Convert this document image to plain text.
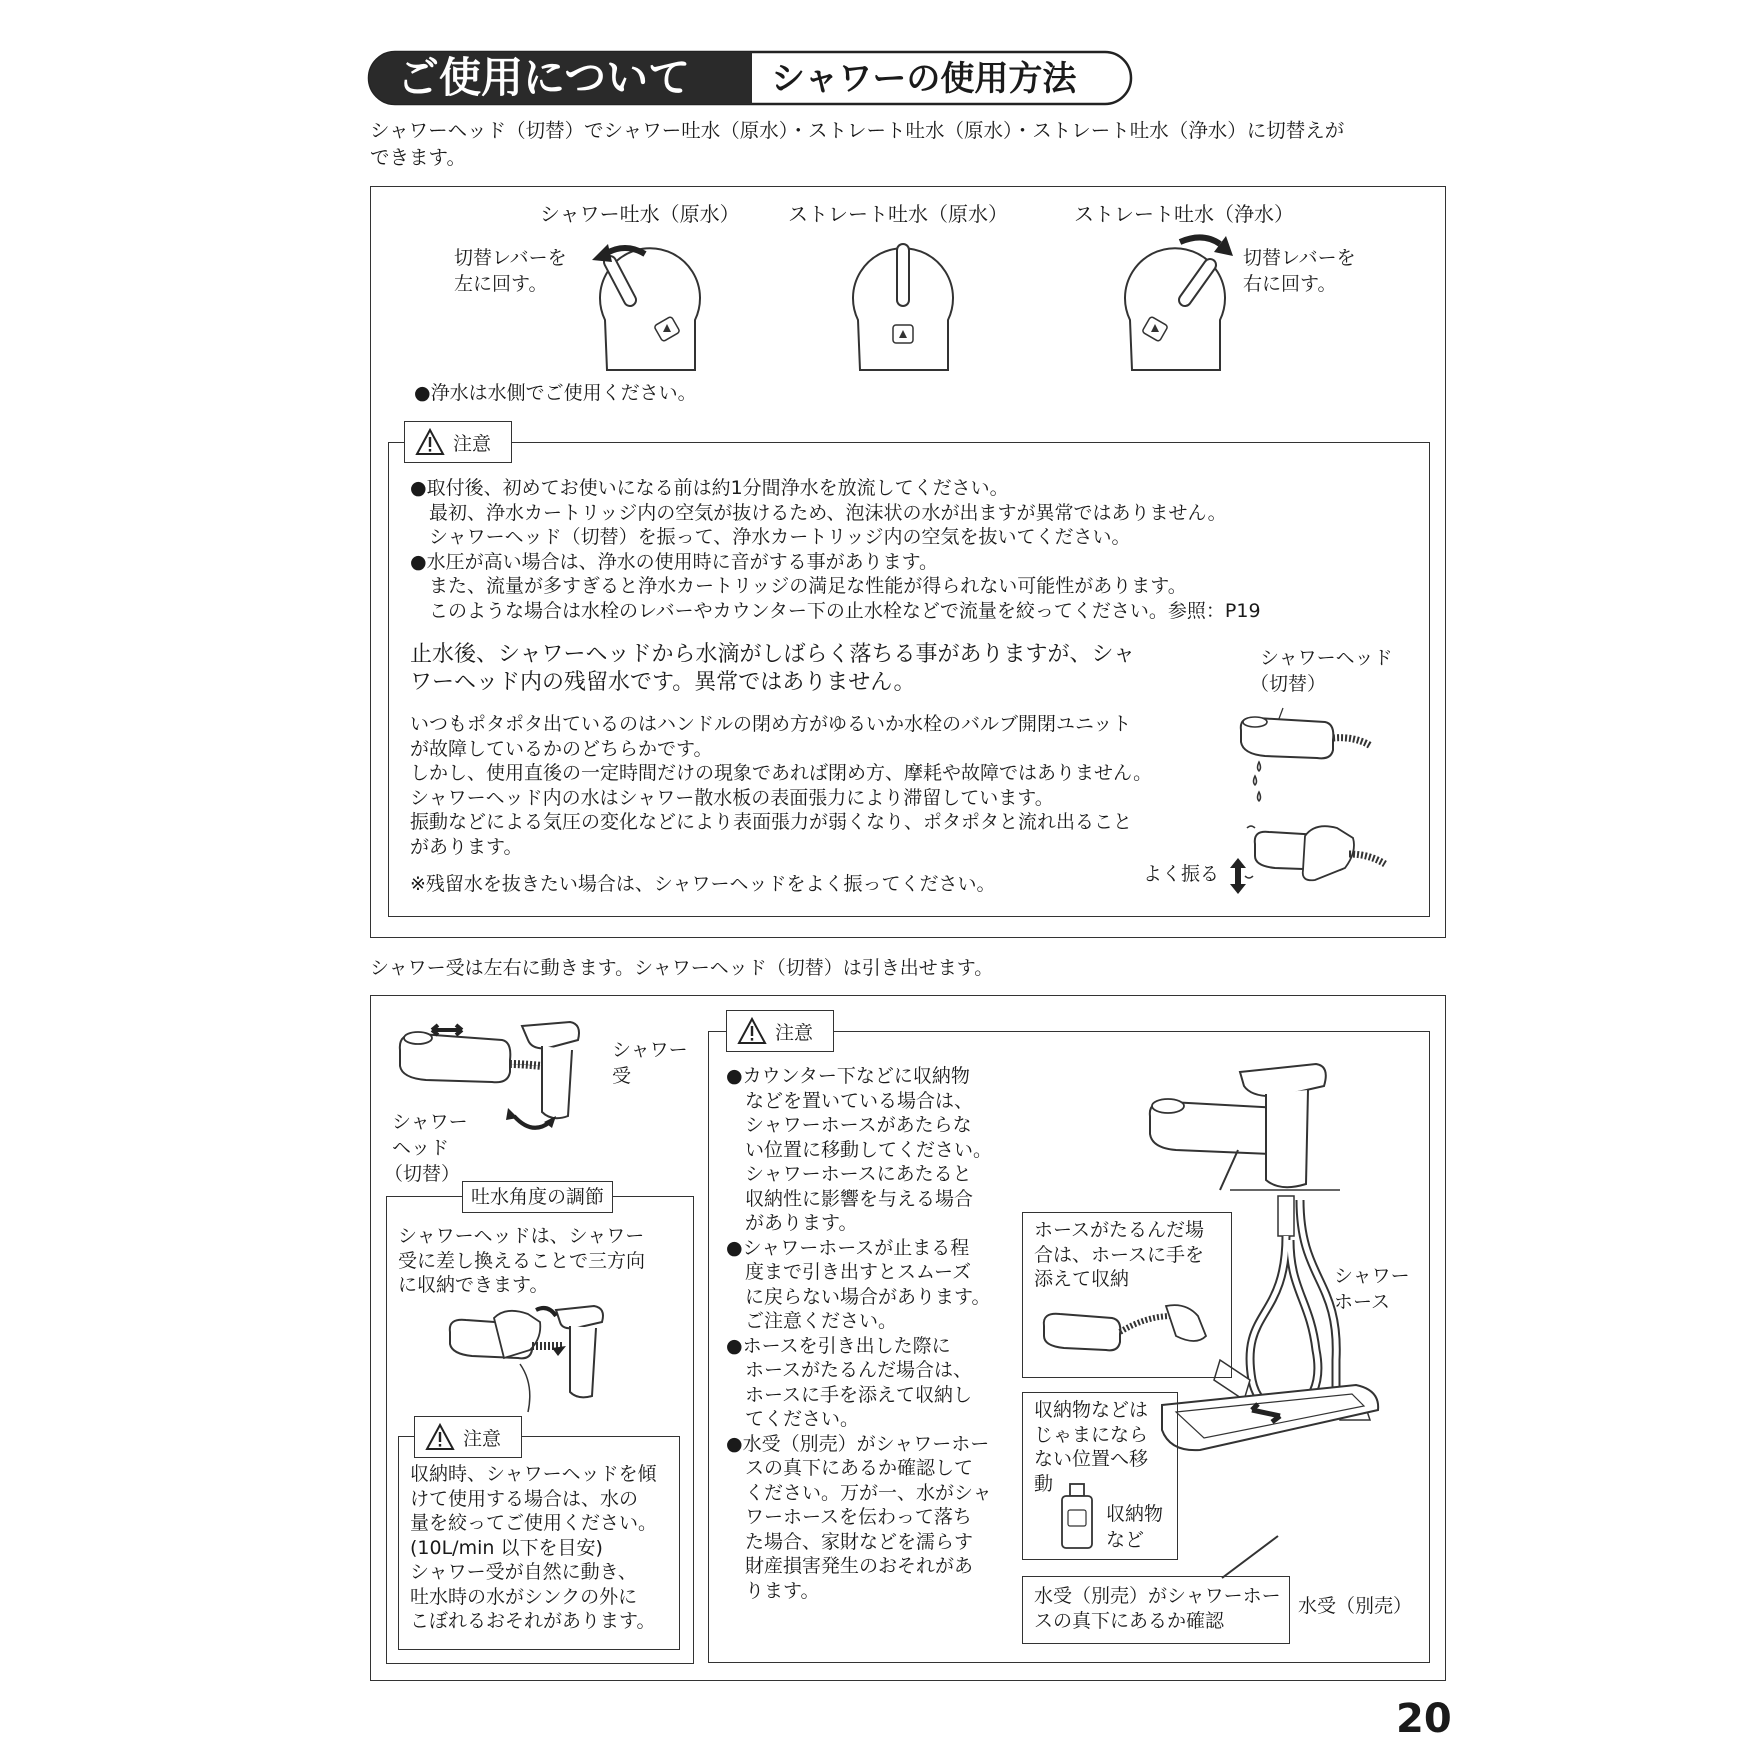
ご使用について シャワーの使用方法
シャワーヘッド（切替）でシャワー吐水（原水）・ストレート吐水（原水）・ストレート吐水（浄水）に切替えが
できます。
シャワー吐水（原水） ストレート吐水（原水）	ストレート吐水（浄水）
切替レバーを
左に回す。
切替レバーを
右に回す。
●浄水は水側でご使用ください。
注意
●取付後、初めてお使いになる前は約1分間浄水を放流してください。
　最初、浄水カートリッジ内の空気が抜けるため、泡沫状の水が出ますが異常ではありません。
　シャワーヘッド（切替）を振って、浄水カートリッジ内の空気を抜いてください。
●水圧が高い場合は、浄水の使用時に音がする事があります。
　また、流量が多すぎると浄水カートリッジの満足な性能が得られない可能性があります。
　このような場合は水栓のレバーやカウンター下の止水栓などで流量を絞ってください。参照：P19
止水後、シャワーヘッドから水滴がしばらく落ちる事がありますが、シャ
ワーヘッド内の残留水です。異常ではありません。
いつもポタポタ出ているのはハンドルの閉め方がゆるいか水栓のバルブ開閉ユニット
が故障しているかのどちらかです。
しかし、使用直後の一定時間だけの現象であれば閉め方、摩耗や故障ではありません。
シャワーヘッド内の水はシャワー散水板の表面張力により滞留しています。
振動などによる気圧の変化などにより表面張力が弱くなり、ポタポタと流れ出ること
があります。
※残留水を抜きたい場合は、シャワーヘッドをよく振ってください。
シャワーヘッド
（切替）
よく振る
シャワー受は左右に動きます。シャワーヘッド（切替）は引き出せます。
シャワー
受
シャワー
ヘッド
（切替）
吐水角度の調節
シャワーヘッドは、シャワー
受に差し換えることで三方向
に収納できます。
注意
収納時、シャワーヘッドを傾
けて使用する場合は、水の
量を絞ってご使用ください。
(10L/min 以下を目安)
シャワー受が自然に動き、
吐水時の水がシンクの外に
こぼれるおそれがあります。
注意
●カウンター下などに収納物
　などを置いている場合は、
　シャワーホースがあたらな
　い位置に移動してください。
　シャワーホースにあたると
　収納性に影響を与える場合
　があります。
●シャワーホースが止まる程
　度まで引き出すとスムーズ
　に戻らない場合があります。
　ご注意ください。
●ホースを引き出した際に
　ホースがたるんだ場合は、
　ホースに手を添えて収納し
　てください。
●水受（別売）がシャワーホー
　スの真下にあるか確認して
　ください。万が一、水がシャ
　ワーホースを伝わって落ち
　た場合、家財などを濡らす
　財産損害発生のおそれがあ
　ります。
ホースがたるんだ場
合は、ホースに手を
添えて収納	シャワー
ホース
収納物などは
じゃまになら
ない位置へ移
動
収納物
など
水受（別売）がシャワーホー
スの真下にあるか確認
水受（別売）
20
